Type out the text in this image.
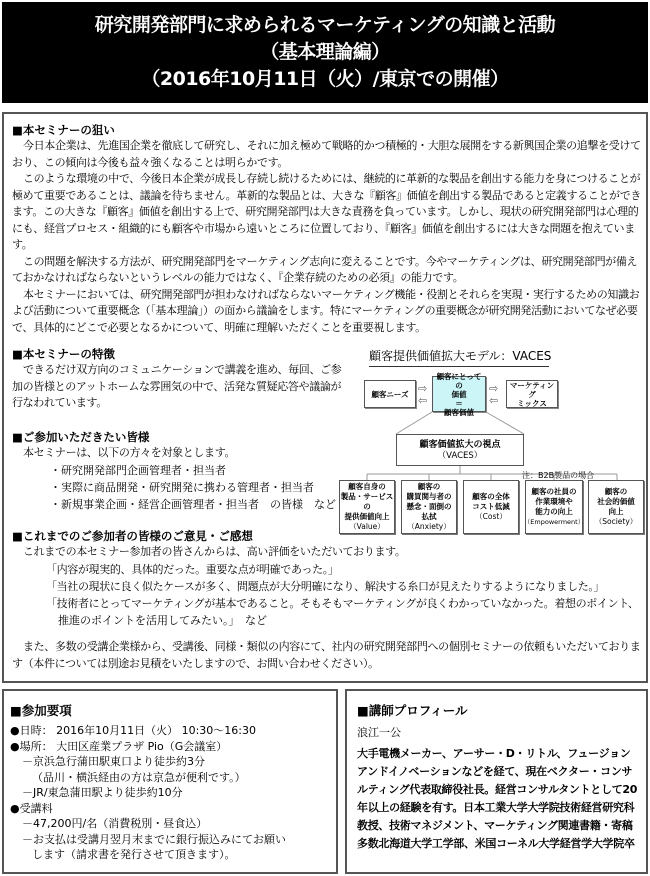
研究開発部門に求められるマーケティングの知識と活動
（基本理論編）
（2016年10月11日（火）/東京での開催）
■本セミナーの狙い

今日本企業は、先進国企業を徹底して研究し、それに加え極めて戦略的かつ積極的・大胆な展開をする新興国企業の追撃を受けており、この傾向は今後も益々強くなることは明らかです。

このような環境の中で、今後日本企業が成長し存続し続けるためには、継続的に革新的な製品を創出する能力を身につけることが極めて重要であることは、議論を待ちません。革新的な製品とは、大きな『顧客』価値を創出する製品であると定義することができます。この大きな『顧客』価値を創出する上で、研究開発部門は大きな責務を負っています。しかし、現状の研究開発部門は心理的にも、経営プロセス・組織的にも顧客や市場から遠いところに位置しており、『顧客』価値を創出するには大きな問題を抱えています。

この問題を解決する方法が、研究開発部門をマーケティング志向に変えることです。今やマーケティングは、研究開発部門が備えておかなければならないというレベルの能力ではなく、『企業存続のための必須』の能力です。

本セミナーにおいては、研究開発部門が担わなければならないマーケティング機能・役割とそれらを実現・実行するための知識および活動について重要概念（「基本理論」）の面から議論をします。特にマーケティングの重要概念が研究開発活動においてなぜ必要で、具体的にどこで必要となるかについて、明確に理解いただくことを重要視します。

■本セミナーの特徴

できるだけ双方向のコミュニケーションで講義を進め、毎回、ご参加の皆様とのアットホームな雰囲気の中で、活発な質疑応答や議論が行なわれています。

■ご参加いただきたい皆様

本セミナーは、以下の方々を対象とします。

・研究開発部門企画管理者・担当者
・実際に商品開発・研究開発に携わる管理者・担当者
・新規事業企画・経営企画管理者・担当者　の皆様　など
顧客提供価値拡大モデル：VACES
顧客ニーズ ⇨
⇦
顧客にとっての
価値
＝
顧客価値
⇨
⇦
マーケティング
ミックス
顧客価値拡大の視点
（VACES）
注：B2B製品の場合
顧客自身の
製品・サービスの
提供価値向上
（Value）
顧客の
購買関与者の
懸念・面倒の
払拭
（Anxiety）
顧客の全体
コスト低減
（Cost）
顧客の社員の
作業環境や
能力の向上
（Empowerment）
顧客の
社会的価値
向上
（Society）
■これまでのご参加者の皆様のご意見・ご感想

これまでの本セミナー参加者の皆さんからは、高い評価をいただいております。

「内容が現実的、具体的だった。重要な点が明確であった。」
「当社の現状に良く似たケースが多く、問題点が大分明確になり、解決する糸口が見えたりするようになりました。」
「技術者にとってマーケティングが基本であること。そもそもマーケティングが良くわかっていなかった。着想のポイント、
推進のポイントを活用してみたい。」　など

また、多数の受講企業様から、受講後、同様・類似の内容にて、社内の研究開発部門への個別セミナーの依頼もいただいております（本件については別途お見積をいたしますので、お問い合わせください）。

■参加要項
●日時： 2016年10月11日（火） 10:30～16:30
●場所： 大田区産業プラザ Pio（G会議室）
－京浜急行蒲田駅東口より徒歩約3分
（品川・横浜経由の方は京急が便利です。）
－JR/東急蒲田駅より徒歩約10分
●受講料
－47,200円/名（消費税別・昼食込）
－お支払は受講月翌月末までに銀行振込みにてお願い
します（請求書を発行させて頂きます）。
■講師プロフィール
浪江一公
大手電機メーカー、アーサー・D・リトル、フュージョンアンドイノベーションなどを経て、現在ベクター・コンサルティング代表取締役社長。経営コンサルタントとして20年以上の経験を有す。日本工業大学大学院技術経営研究科教授、技術マネジメント、マーケティング関連書籍・寄稿多数北海道大学工学部、米国コーネル大学経営学大学院卒
